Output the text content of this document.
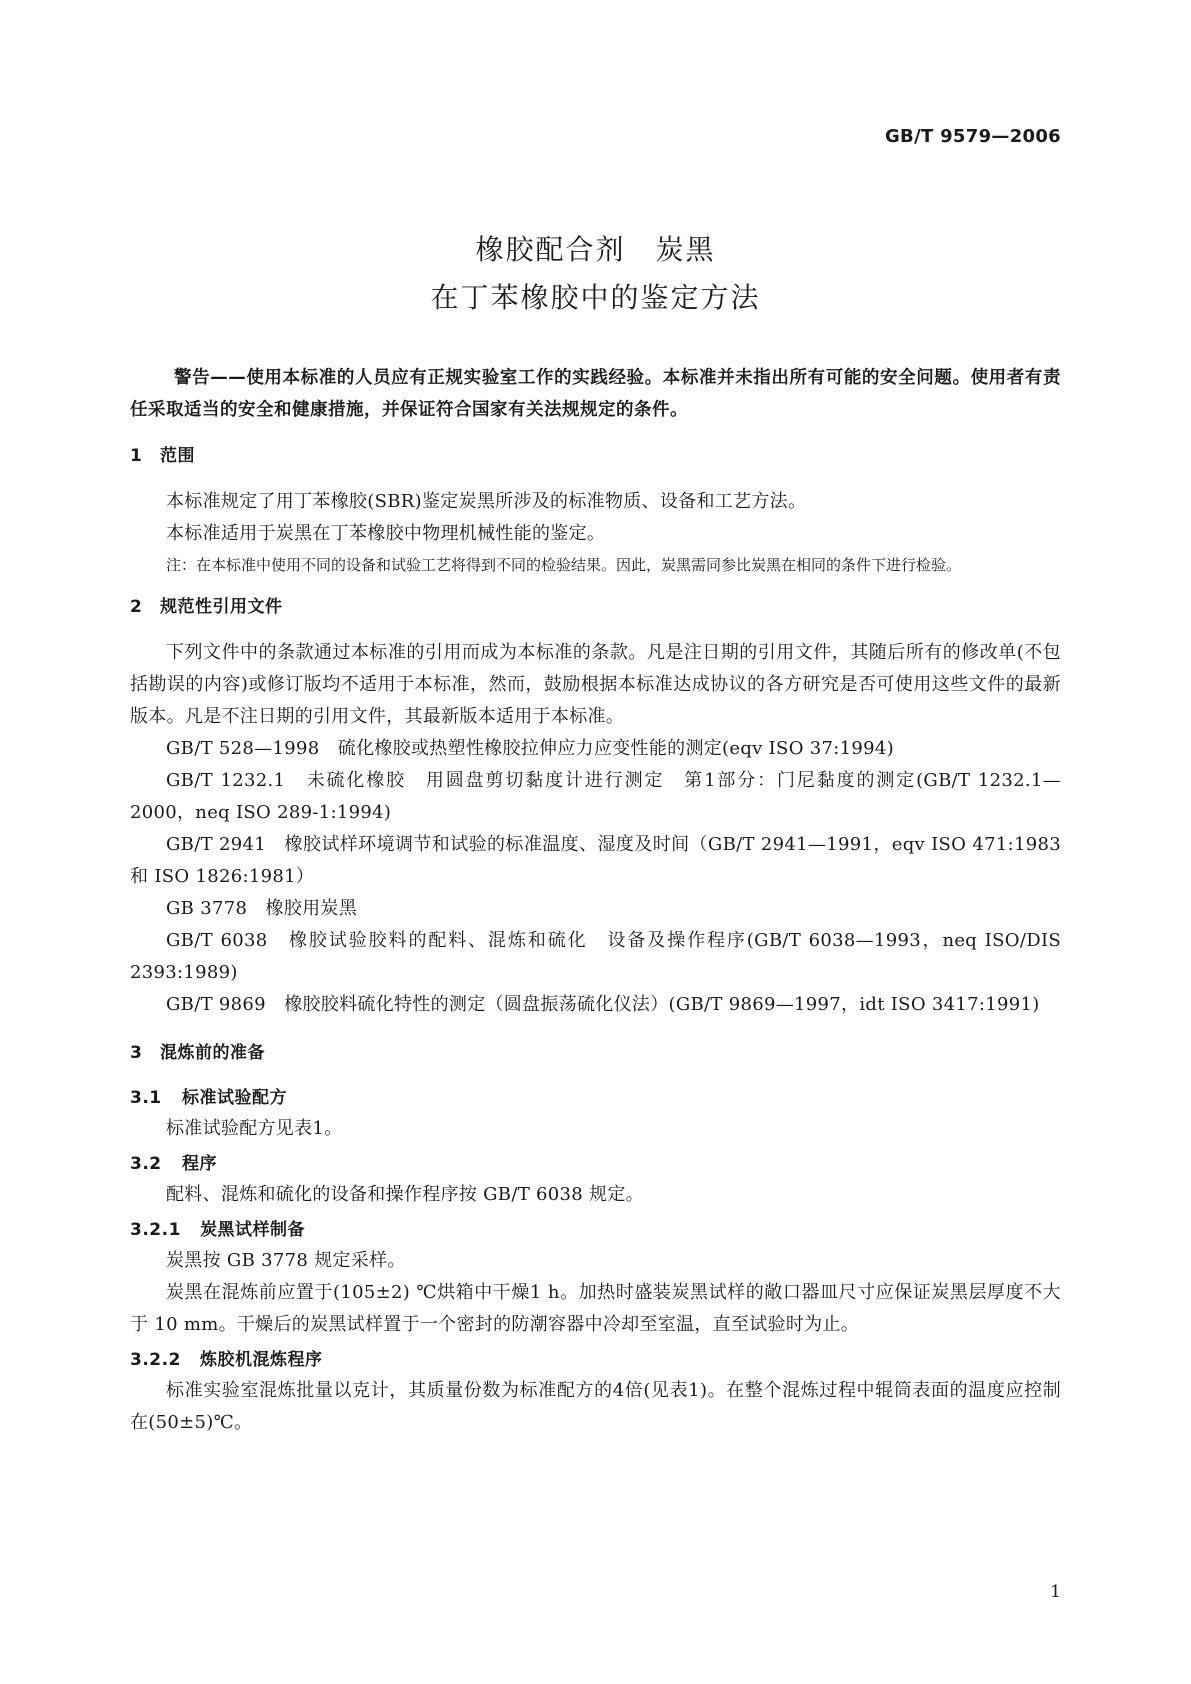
GB/T 9579—2006
橡胶配合剂　炭黑
在丁苯橡胶中的鉴定方法

警告——使用本标准的人员应有正规实验室工作的实践经验。本标准并未指出所有可能的安全问题。使用者有责任采取适当的安全和健康措施，并保证符合国家有关法规规定的条件。

1 范围

本标准规定了用丁苯橡胶(SBR)鉴定炭黑所涉及的标准物质、设备和工艺方法。

本标准适用于炭黑在丁苯橡胶中物理机械性能的鉴定。

注：在本标准中使用不同的设备和试验工艺将得到不同的检验结果。因此，炭黑需同参比炭黑在相同的条件下进行检验。
2 规范性引用文件

下列文件中的条款通过本标准的引用而成为本标准的条款。凡是注日期的引用文件，其随后所有的修改单(不包括勘误的内容)或修订版均不适用于本标准，然而，鼓励根据本标准达成协议的各方研究是否可使用这些文件的最新版本。凡是不注日期的引用文件，其最新版本适用于本标准。

GB/T 528—1998　硫化橡胶或热塑性橡胶拉伸应力应变性能的测定(eqv ISO 37:1994)

GB/T 1232.1　未硫化橡胶　用圆盘剪切黏度计进行测定　第1部分：门尼黏度的测定(GB/T 1232.1—2000，neq ISO 289-1:1994)

GB/T 2941　橡胶试样环境调节和试验的标准温度、湿度及时间（GB/T 2941—1991，eqv ISO 471:1983和 ISO 1826:1981）

GB 3778　橡胶用炭黑

GB/T 6038　橡胶试验胶料的配料、混炼和硫化　设备及操作程序(GB/T 6038—1993，neq ISO/DIS 2393:1989)

GB/T 9869　橡胶胶料硫化特性的测定（圆盘振荡硫化仪法）(GB/T 9869—1997，idt ISO 3417:1991)

3 混炼前的准备
3.1 标准试验配方

标准试验配方见表1。

3.2 程序

配料、混炼和硫化的设备和操作程序按 GB/T 6038 规定。

3.2.1 炭黑试样制备

炭黑按 GB 3778 规定采样。

炭黑在混炼前应置于(105±2) ℃烘箱中干燥1 h。加热时盛装炭黑试样的敞口器皿尺寸应保证炭黑层厚度不大于 10 mm。干燥后的炭黑试样置于一个密封的防潮容器中冷却至室温，直至试验时为止。

3.2.2 炼胶机混炼程序

标准实验室混炼批量以克计，其质量份数为标准配方的4倍(见表1)。在整个混炼过程中辊筒表面的温度应控制在(50±5)℃。

1
